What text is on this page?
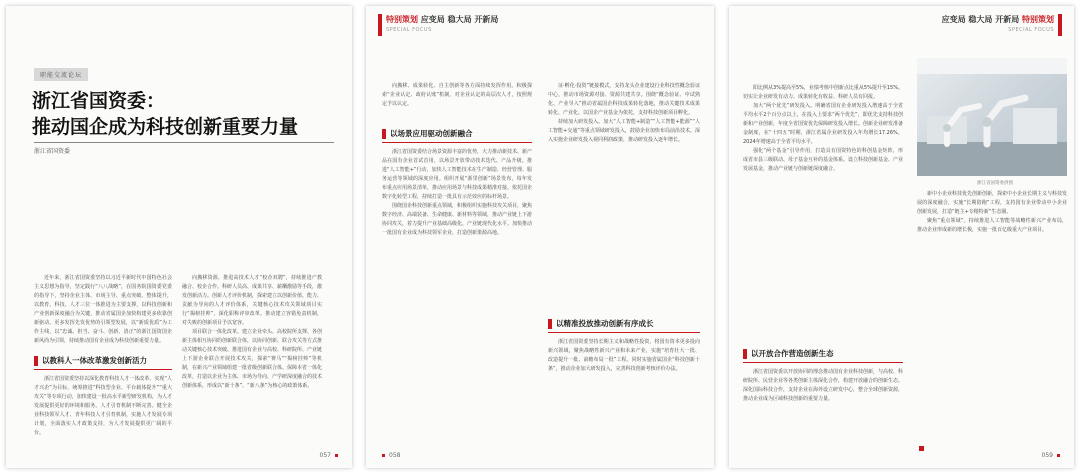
职能交流论坛
浙江省国资委：
推动国企成为科技创新重要力量
浙江省国资委

近年来，浙江省国资委坚持以习近平新时代中国特色社会主义思想为指导，坚定践行“八八战略”，在国务院国资委党委的指导下，坚持企业主体、市场主导、重点突破、整体提升，以教育、科技、人才三位一体推进为主要支撑，以科技创新和产业创新深度融合为关键，推动省属国企加快构建更多依靠创新驱动、更多发挥先发优势的引领型发展，以“新质优质”为工作主线，以“忠诚、担当、奋斗、创新、清正”的浙江国资国企新风尚为引领，持续推动国有企业成为科技创新重要力量。

向搬移资源，推进高技术人才“校企双聘”，持续推进产教融合、校企合作。科研人员高、成果共享、薪酬激励等手段，激发创新活力。创新人才评价机制，探索建立以创新价值、能力、贡献为导向的人才评价体系，关键核心技术攻关领域项目实行“揭榜挂帅”，深化职称评审改革。推动建立容错免责机制，对失败的创新项目予以宽容。

项目联合一体化改革。建立企业牵头、高校院所支撑、各创新主体相互协同的创新联合体，以协同创新、联合攻关等方式推动关键核心技术突破。推进国有企业与高校、科研院所、产业链上下游企业联合开展技术攻关，探索“赛马”“揭榜挂帅”等机制，在新兴产业领域组建一批省级创新联合体。保障本省一体化改革，打造以企业为主体、市场为导向、产学研深度融合的技术创新体系，形成以“新十条”、“新八条”为核心的政策体系。

以教科人一体改革激发创新活力

浙江省国资委坚持以深化教育科技人才一体改革、实现“人才兴企”为目标，统筹推进“科技型企业、平台载体提升”“重大攻关”等专项行动，加快建设一批高水平新型研发机构，为人才发展提供更好的环境和服务。人才引育机制不断完善。健全企业科技领军人才、青年科技人才引育机制，实施人才发展专项计划，全面落实人才政策支持，为人才发展提供更广阔的平台。

057
特别策划 应变局 稳大局 开新局
SPECIAL FOCUS

向搬移、成果转化、自主创新等各方面持续发挥作用。积极探索“企业认定、政府认账”机制，对企业认定的高层次人才，按照规定予以认定。

以场景应用驱动创新融合

浙江省国资委结合场景资源丰富的优势，大力推动新技术、新产品在国有企业首试首用，以场景开放带动技术迭代、产品升级。推进“人工智能+”行动，加快人工智能技术在生产制造、经营管理、服务运营等领域的深度应用。组织开展“浙里创新”场景发布，每年发布重点应用场景清单，推动应用场景与科技成果精准对接。依托国企数字化转型工程，持续打造一批具有示范效应的标杆场景。

围绕国企科技创新重点领域，积极组织实施科技攻关项目，聚焦数字经济、高端装备、生命健康、新材料等领域，推动产业链上下游协同攻关，着力提升产业基础高级化、产业链现代化水平。加快推动一批国有企业成为科技领军企业，打造创新策源高地。

证·孵化·投资”链接模式，支持龙头企业建设行业科技性概念验证中心，推动市场资源对接、资源共建共享。围绕“概念验证、中试熟化、产业导入”推动省属国企科技成果转化落地，推动关键技术成果转化、产业化。以国企产业基金为依托，支持科技创新项目孵化。

持续加大研发投入。加大“人工智能+制造”“人工智能+能源”“人工智能+交通”等重点领域研发投入，鼓励企业加快布局前沿技术。深入实施企业研发投入视同利润政策，推动研发投入逐年增长。

以精准投放推动创新有序成长

浙江省国资委坚持长期主义和战略性投资，将国有资本更多投向新兴领域，聚焦战略性新兴产业和未来产业，实施“培育壮大一批、改造提升一批、前瞻布局一批”工程。同时实施省属国企“科技创新十条”，推动企业加大研发投入，完善科技创新考核评价办法。

058
应变局 稳大局 开新局 特别策划
SPECIAL FOCUS

阳比例从3%提高至5%，业绩考核中创新点比重从5%提升至15%。切实让企业研发有动力、成果转化有收益、科研人员有回报。

加大“两个优先”研发投入。明确省国有企业研发投入增速高于全省平均水平2个百分点以上，在投入上要求“两个优先”，即优先支持科技创新和产业创新，年度全省国资优先保障研发投入增长。创新企业研发准备金制度，在“十四五”时期，浙江省属企业研发投入年均增长17.26%，2024年增速高于全省平均水平。

强化“两个基金”引导作用，打造具有国资特色的科创基金矩阵，形成省市县三级联动、母子基金互补的基金体系。设立科技创新基金、产业发展基金，推动产业链与创新链深度融合。

浙江省国资委供图

新中小企业科技优先创新创新，探索中小企业长期主义与科技发展的深度融合，实施“长期陪跑”工程，支持国有企业带动中小企业创新发展，打造“链主+专精特新”生态圈。

聚焦“重点领域”。持续推进人工智能等战略性新兴产业布局，推动企业形成新的增长极，实施一批百亿级重大产业项目。

以开放合作营造创新生态

浙江省国资委以开放协同的理念推动国有企业科技创新，与高校、科研院所、民营企业等各类创新主体深化合作，构建开放融合的创新生态。深化国际科技合作，支持企业在海外设立研发中心，整合全球创新资源，推动企业成为区域科技创新的重要力量。

059
